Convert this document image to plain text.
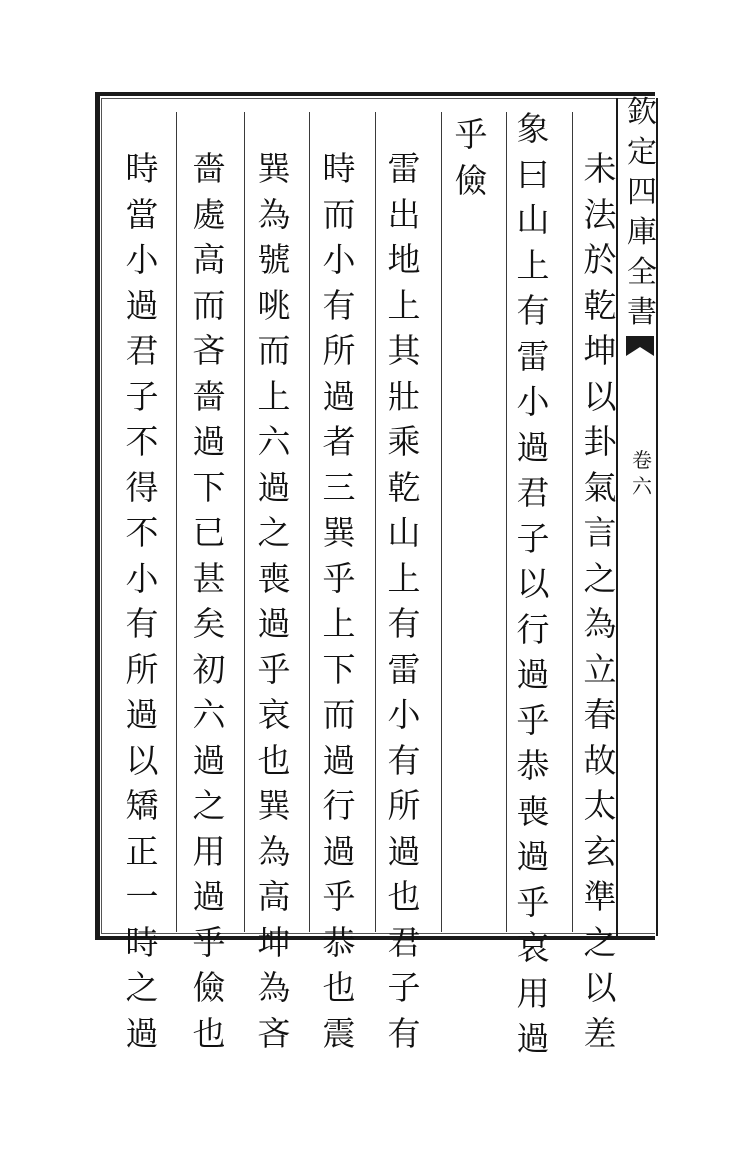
欽
定
四
庫
全
書
卷
六
未
法
於
乾
坤
以
卦
氣
言
之
為
立
春
故
太
玄
準
之
以
差
象
曰
山
上
有
雷
小
過
君
子
以
行
過
乎
恭
喪
過
乎
哀
用
過
乎
儉
雷
出
地
上
其
壯
乘
乾
山
上
有
雷
小
有
所
過
也
君
子
有
時
而
小
有
所
過
者
三
巽
乎
上
下
而
過
行
過
乎
恭
也
震
巽
為
號
咷
而
上
六
過
之
喪
過
乎
哀
也
巽
為
高
坤
為
吝
嗇
處
高
而
吝
嗇
過
下
已
甚
矣
初
六
過
之
用
過
乎
儉
也
時
當
小
過
君
子
不
得
不
小
有
所
過
以
矯
正
一
時
之
過
